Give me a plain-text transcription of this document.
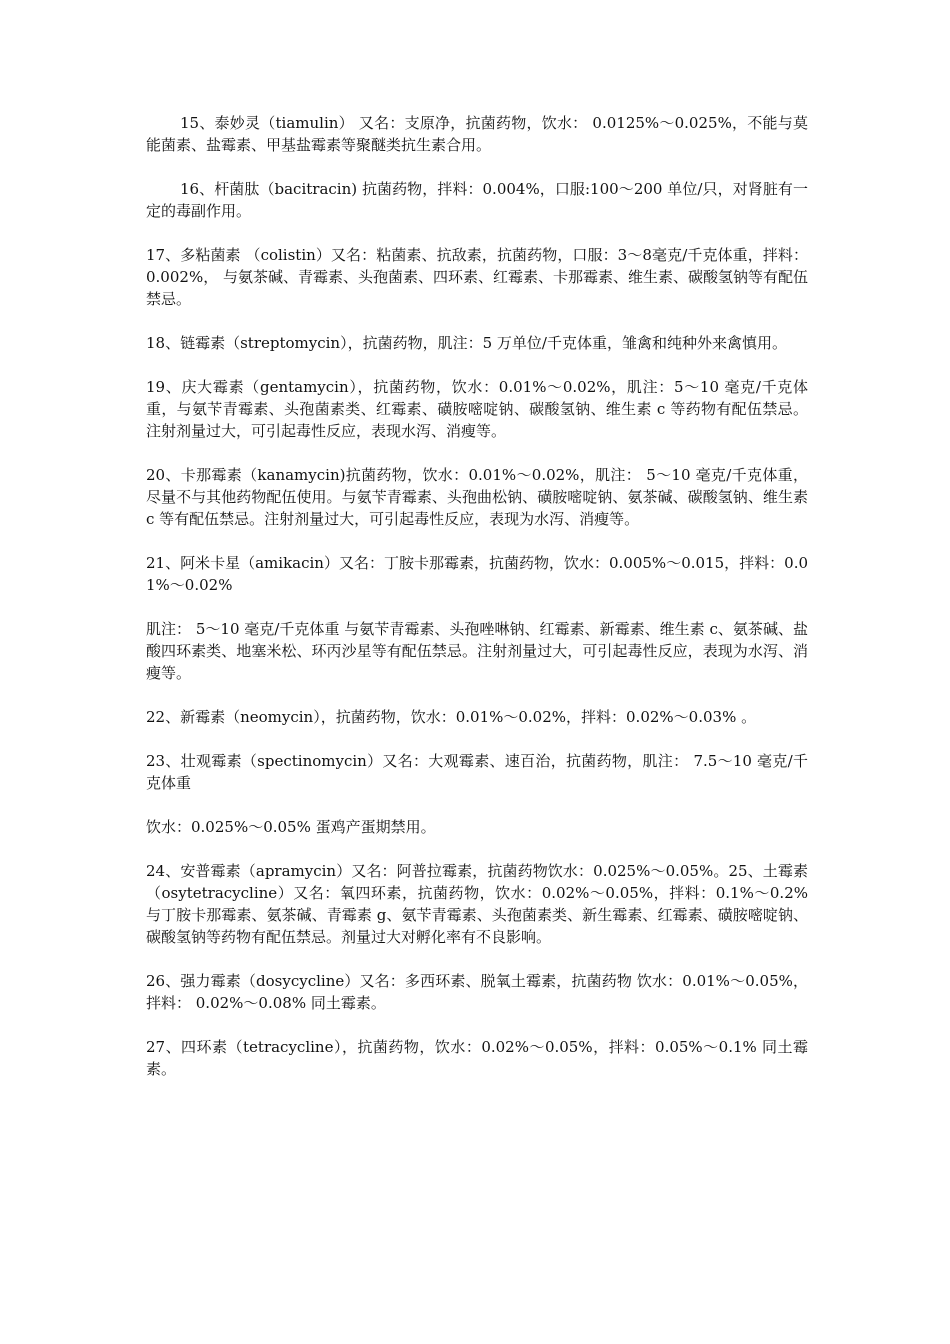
15、泰妙灵（tiamulin） 又名：支原净，抗菌药物，饮水： 0.0125%～0.025%，不能与莫能菌素、盐霉素、甲基盐霉素等聚醚类抗生素合用。

16、杆菌肽（bacitracin) 抗菌药物，拌料：0.004%，口服:100～200 单位/只，对肾脏有一定的毒副作用。

17、多粘菌素 （colistin）又名：粘菌素、抗敌素，抗菌药物，口服：3～8毫克/千克体重，拌料： 0.002%， 与氨茶碱、青霉素、头孢菌素、四环素、红霉素、卡那霉素、维生素、碳酸氢钠等有配伍禁忌。

18、链霉素（streptomycin），抗菌药物，肌注：5 万单位/千克体重，雏禽和纯种外来禽慎用。

19、庆大霉素（gentamycin），抗菌药物，饮水：0.01%～0.02%，肌注：5～10 毫克/千克体重，与氨苄青霉素、头孢菌素类、红霉素、磺胺嘧啶钠、碳酸氢钠、维生素 c 等药物有配伍禁忌。注射剂量过大，可引起毒性反应，表现水泻、消瘦等。

20、卡那霉素（kanamycin)抗菌药物，饮水：0.01%～0.02%，肌注： 5～10 毫克/千克体重，尽量不与其他药物配伍使用。与氨苄青霉素、头孢曲松钠、磺胺嘧啶钠、氨茶碱、碳酸氢钠、维生素 c 等有配伍禁忌。注射剂量过大，可引起毒性反应，表现为水泻、消瘦等。

21、阿米卡星（amikacin）又名：丁胺卡那霉素，抗菌药物，饮水：0.005%～0.015，拌料：0.01%～0.02%

肌注： 5～10 毫克/千克体重 与氨苄青霉素、头孢唑啉钠、红霉素、新霉素、维生素 c、氨茶碱、盐酸四环素类、地塞米松、环丙沙星等有配伍禁忌。注射剂量过大，可引起毒性反应，表现为水泻、消瘦等。

22、新霉素（neomycin），抗菌药物，饮水：0.01%～0.02%，拌料：0.02%～0.03% 。

23、壮观霉素（spectinomycin）又名：大观霉素、速百治，抗菌药物，肌注： 7.5～10 毫克/千克体重

饮水：0.025%～0.05% 蛋鸡产蛋期禁用。

24、安普霉素（apramycin）又名：阿普拉霉素，抗菌药物饮水：0.025%～0.05%。25、土霉素（osytetracycline）又名：氧四环素，抗菌药物，饮水：0.02%～0.05%，拌料：0.1%～0.2% 与丁胺卡那霉素、氨茶碱、青霉素 g、氨苄青霉素、头孢菌素类、新生霉素、红霉素、磺胺嘧啶钠、碳酸氢钠等药物有配伍禁忌。剂量过大对孵化率有不良影响。

26、强力霉素（dosycycline）又名：多西环素、脱氧土霉素，抗菌药物 饮水：0.01%～0.05%，拌料： 0.02%～0.08% 同土霉素。

27、四环素（tetracycline），抗菌药物，饮水：0.02%～0.05%，拌料：0.05%～0.1% 同土霉素。
